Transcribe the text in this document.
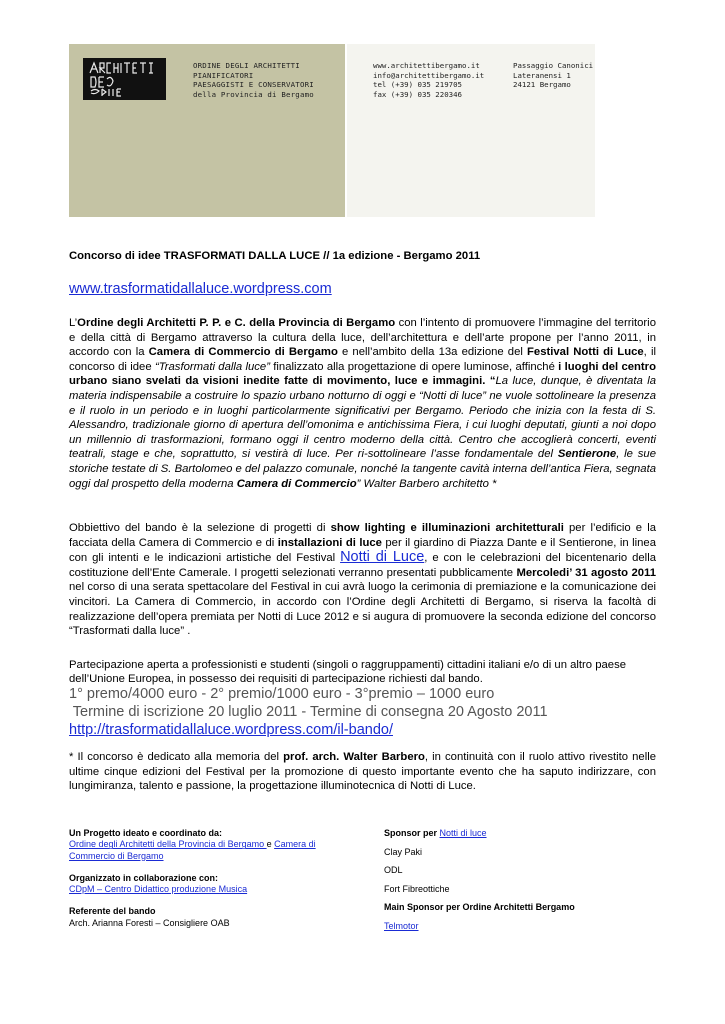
ORDINE DEGLI ARCHITETTI
PIANIFICATORI
PAESAGGISTI E CONSERVATORI
della Provincia di Bergamo
www.architettibergamo.it
info@architettibergamo.it
tel (+39) 035 219705
fax (+39) 035 220346
Passaggio Canonici
Lateranensi 1
24121 Bergamo
Concorso di idee TRASFORMATI DALLA LUCE // 1a edizione - Bergamo 2011
www.trasformatidallaluce.wordpress.com

L’Ordine degli Architetti P. P. e C. della Provincia di Bergamo con l’intento di promuovere l’immagine del territorio e della città di Bergamo attraverso la cultura della luce, dell’architettura e dell’arte propone per l’anno 2011, in accordo con la Camera di Commercio di Bergamo e nell’ambito della 13a edizione del Festival Notti di Luce, il concorso di idee “Trasformati dalla luce” finalizzato alla progettazione di opere luminose, affinché i luoghi del centro urbano siano svelati da visioni inedite fatte di movimento, luce e immagini. “La luce, dunque, è diventata la materia indispensabile a costruire lo spazio urbano notturno di oggi e “Notti di luce” ne vuole sottolineare la presenza e il ruolo in un periodo e in luoghi particolarmente significativi per Bergamo. Periodo che inizia con la festa di S. Alessandro, tradizionale giorno di apertura dell’omonima e antichissima Fiera, i cui luoghi deputati, giunti a noi dopo un millennio di trasformazioni, formano oggi il centro moderno della città. Centro che accoglierà concerti, eventi teatrali, stage e che, soprattutto, si vestirà di luce. Per ri-sottolineare l’asse fondamentale del Sentierone, le sue storiche testate di S. Bartolomeo e del palazzo comunale, nonché la tangente cavità interna dell’antica Fiera, segnata oggi dal prospetto della moderna Camera di Commercio” Walter Barbero architetto *

Obbiettivo del bando è la selezione di progetti di show lighting e illuminazioni architetturali per l’edificio e la facciata della Camera di Commercio e di installazioni di luce per il giardino di Piazza Dante e il Sentierone, in linea con gli intenti e le indicazioni artistiche del Festival Notti di Luce, e con le celebrazioni del bicentenario della costituzione dell’Ente Camerale. I progetti selezionati verranno presentati pubblicamente Mercoledi’ 31 agosto 2011 nel corso di una serata spettacolare del Festival in cui avrà luogo la cerimonia di premiazione e la comunicazione dei vincitori. La Camera di Commercio, in accordo con l’Ordine degli Architetti di Bergamo, si riserva la facoltà di realizzazione dell’opera premiata per Notti di Luce 2012 e si augura di promuovere la seconda edizione del concorso “Trasformati dalla luce” .

Partecipazione aperta a professionisti e studenti (singoli o raggruppamenti) cittadini italiani e/o di un altro paese dell’Unione Europea, in possesso dei requisiti di partecipazione richiesti dal bando.
1° premo/4000 euro - 2° premio/1000 euro - 3°premio – 1000 euro
Termine di iscrizione 20 luglio 2011 - Termine di consegna 20 Agosto 2011
http://trasformatidallaluce.wordpress.com/il-bando/

* Il concorso è dedicato alla memoria del prof. arch. Walter Barbero, in continuità con il ruolo attivo rivestito nelle ultime cinque edizioni del Festival per la promozione di questo importante evento che ha saputo indirizzare, con lungimiranza, talento e passione, la progettazione illuminotecnica di Notti di Luce.

Un Progetto ideato e coordinato da:
Ordine degli Architetti della Provincia di Bergamo e Camera di Commercio di Bergamo
Organizzato in collaborazione con:
CDpM – Centro Didattico produzione Musica
Referente del bando
Arch. Arianna Foresti – Consigliere OAB
Sponsor per Notti di luce
Clay Paki
ODL
Fort Fibreottiche
Main Sponsor per Ordine Architetti Bergamo
Telmotor
